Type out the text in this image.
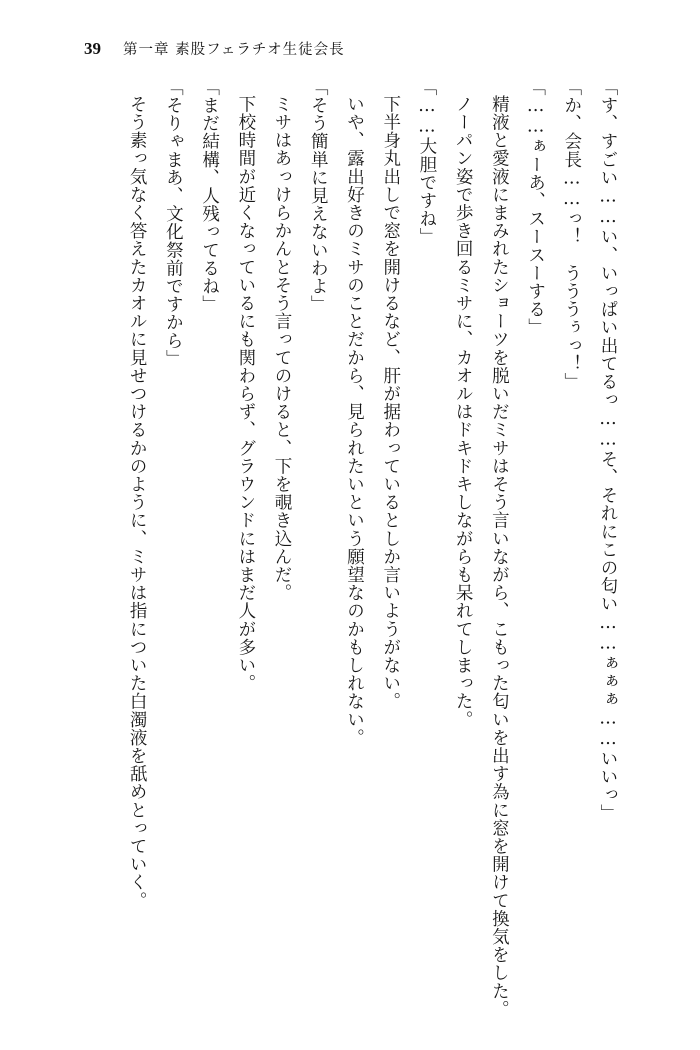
39 第一章 素股フェラチオ生徒会長

「す、すごい……い、いっぱい出てるっ……そ、それにこの匂い……ぁぁぁ……いいっ」

「か、会長……っ！　うううぅっ！」

「……ぁーあ、スースーする」

精液と愛液にまみれたショーツを脱いだミサはそう言いながら、こもった匂いを出す為に窓を開けて換気をした。

ノーパン姿で歩き回るミサに、カオルはドキドキしながらも呆れてしまった。

「……大胆ですね」

下半身丸出しで窓を開けるなど、肝が据わっているとしか言いようがない。

いや、露出好きのミサのことだから、見られたいという願望なのかもしれない。

「そう簡単に見えないわよ」

ミサはあっけらかんとそう言ってのけると、下を覗き込んだ。

下校時間が近くなっているにも関わらず、グラウンドにはまだ人が多い。

「まだ結構、人残ってるね」

「そりゃまあ、文化祭前ですから」

そう素っ気なく答えたカオルに見せつけるかのように、ミサは指についた白濁液を舐めとっていく。
